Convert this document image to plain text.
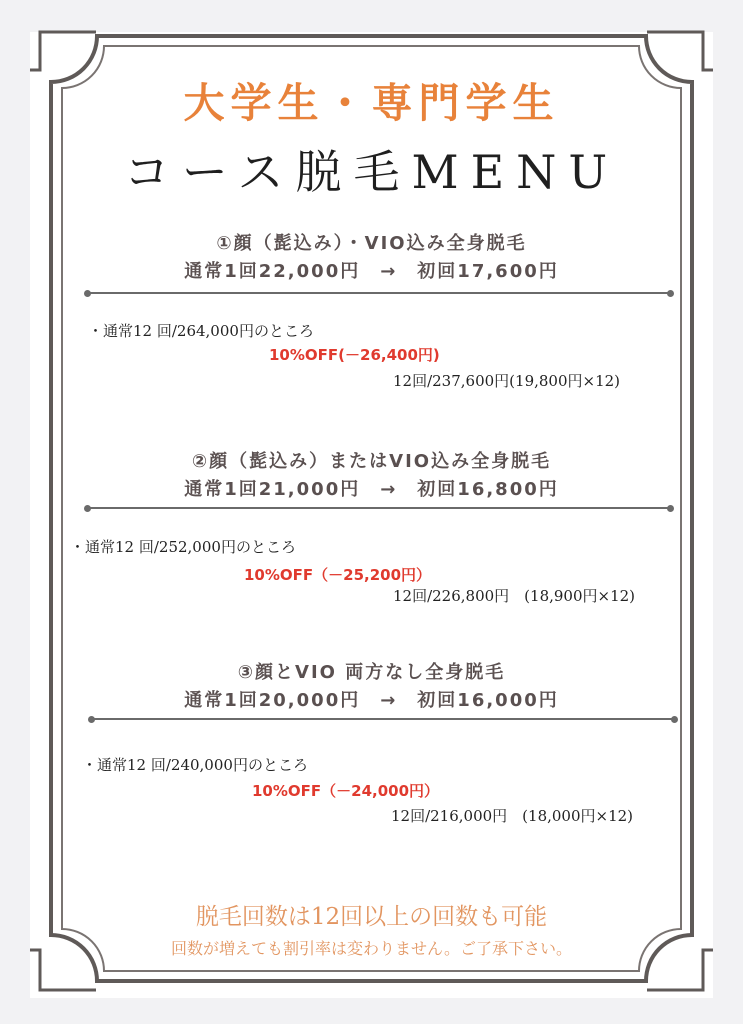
大学生・専門学生
コース脱毛MENU
①顔（髭込み）・VIO込み全身脱毛
通常1回22,000円　→　初回17,600円
・通常12 回/264,000円のところ
10%OFF(－26,400円)
12回/237,600円(19,800円×12)
②顔（髭込み）またはVIO込み全身脱毛
通常1回21,000円　→　初回16,800円
・通常12 回/252,000円のところ
10%OFF（－25,200円）
12回/226,800円　(18,900円×12)
③顔とVIO 両方なし全身脱毛
通常1回20,000円　→　初回16,000円
・通常12 回/240,000円のところ
10%OFF（－24,000円）
12回/216,000円　(18,000円×12)
脱毛回数は12回以上の回数も可能
回数が増えても割引率は変わりません。ご了承下さい。
